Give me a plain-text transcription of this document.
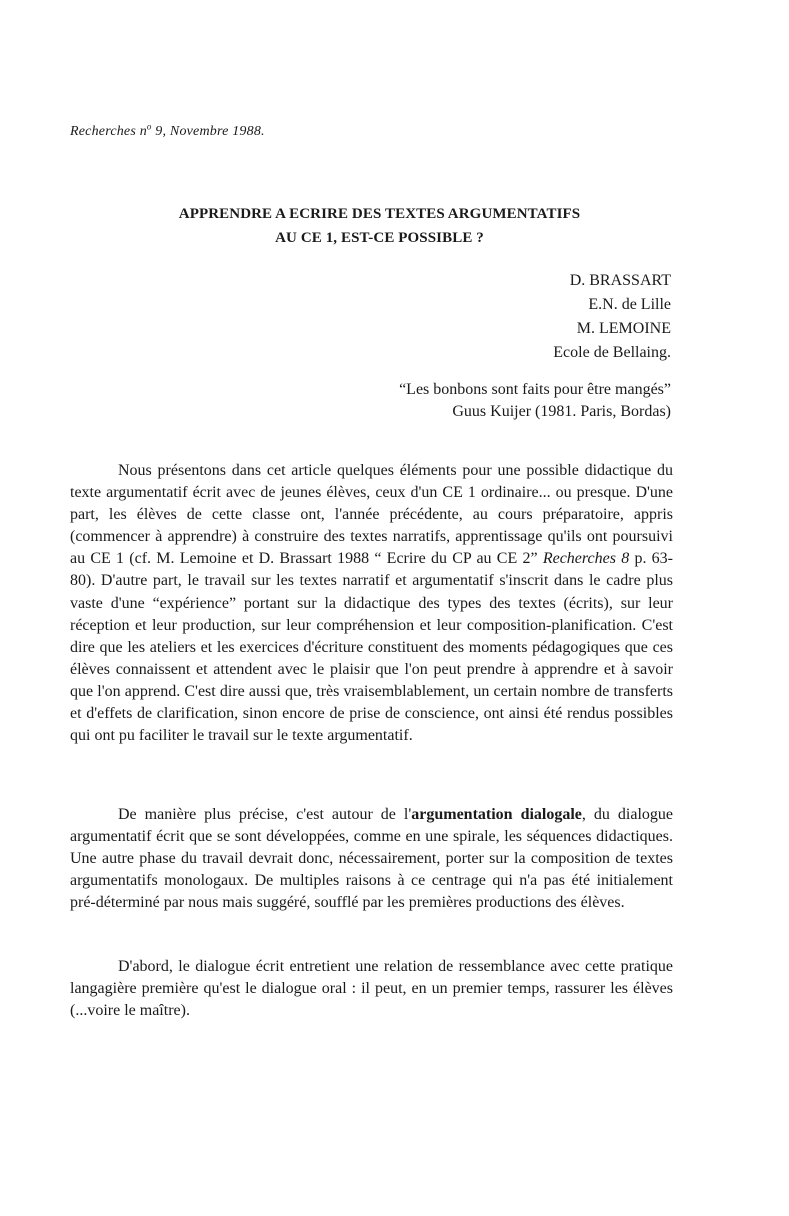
Recherches $n^o$ 9, Novembre 1988.
APPRENDRE A ECRIRE DES TEXTES ARGUMENTATIFS
AU CE 1, EST-CE POSSIBLE ?
D. BRASSART
E.N. de Lille
M. LEMOINE
Ecole de Bellaing.
“Les bonbons sont faits pour être mangés”
Guus Kuijer (1981. Paris, Bordas)
Nous présentons dans cet article quelques éléments pour une possible didactique du texte argumentatif écrit avec de jeunes élèves, ceux d'un CE 1 ordinaire... ou presque. D'une part, les élèves de cette classe ont, l'année précédente, au cours préparatoire, appris (commencer à apprendre) à construire des textes narratifs, apprentissage qu'ils ont poursuivi au CE 1 (cf. M. Lemoine et D. Brassart 1988 “ Ecrire du CP au CE 2” Recherches 8 p. 63-80). D'autre part, le travail sur les textes narratif et argumentatif s'inscrit dans le cadre plus vaste d'une “expérience” portant sur la didactique des types des textes (écrits), sur leur réception et leur production, sur leur compréhension et leur composition-planification. C'est dire que les ateliers et les exercices d'écriture constituent des moments pédagogiques que ces élèves connaissent et attendent avec le plaisir que l'on peut prendre à apprendre et à savoir que l'on apprend. C'est dire aussi que, très vraisemblablement, un certain nombre de transferts et d'effets de clarification, sinon encore de prise de conscience, ont ainsi été rendus possibles qui ont pu faciliter le travail sur le texte argumentatif.
De manière plus précise, c'est autour de l'argumentation dialogale, du dialogue argumentatif écrit que se sont développées, comme en une spirale, les séquences didactiques. Une autre phase du travail devrait donc, nécessairement, porter sur la composition de textes argumentatifs monologaux. De multiples raisons à ce centrage qui n'a pas été initialement pré-déterminé par nous mais suggéré, soufflé par les premières productions des élèves.
D'abord, le dialogue écrit entretient une relation de ressemblance avec cette pratique langagière première qu'est le dialogue oral : il peut, en un premier temps, rassurer les élèves (...voire le maître).
